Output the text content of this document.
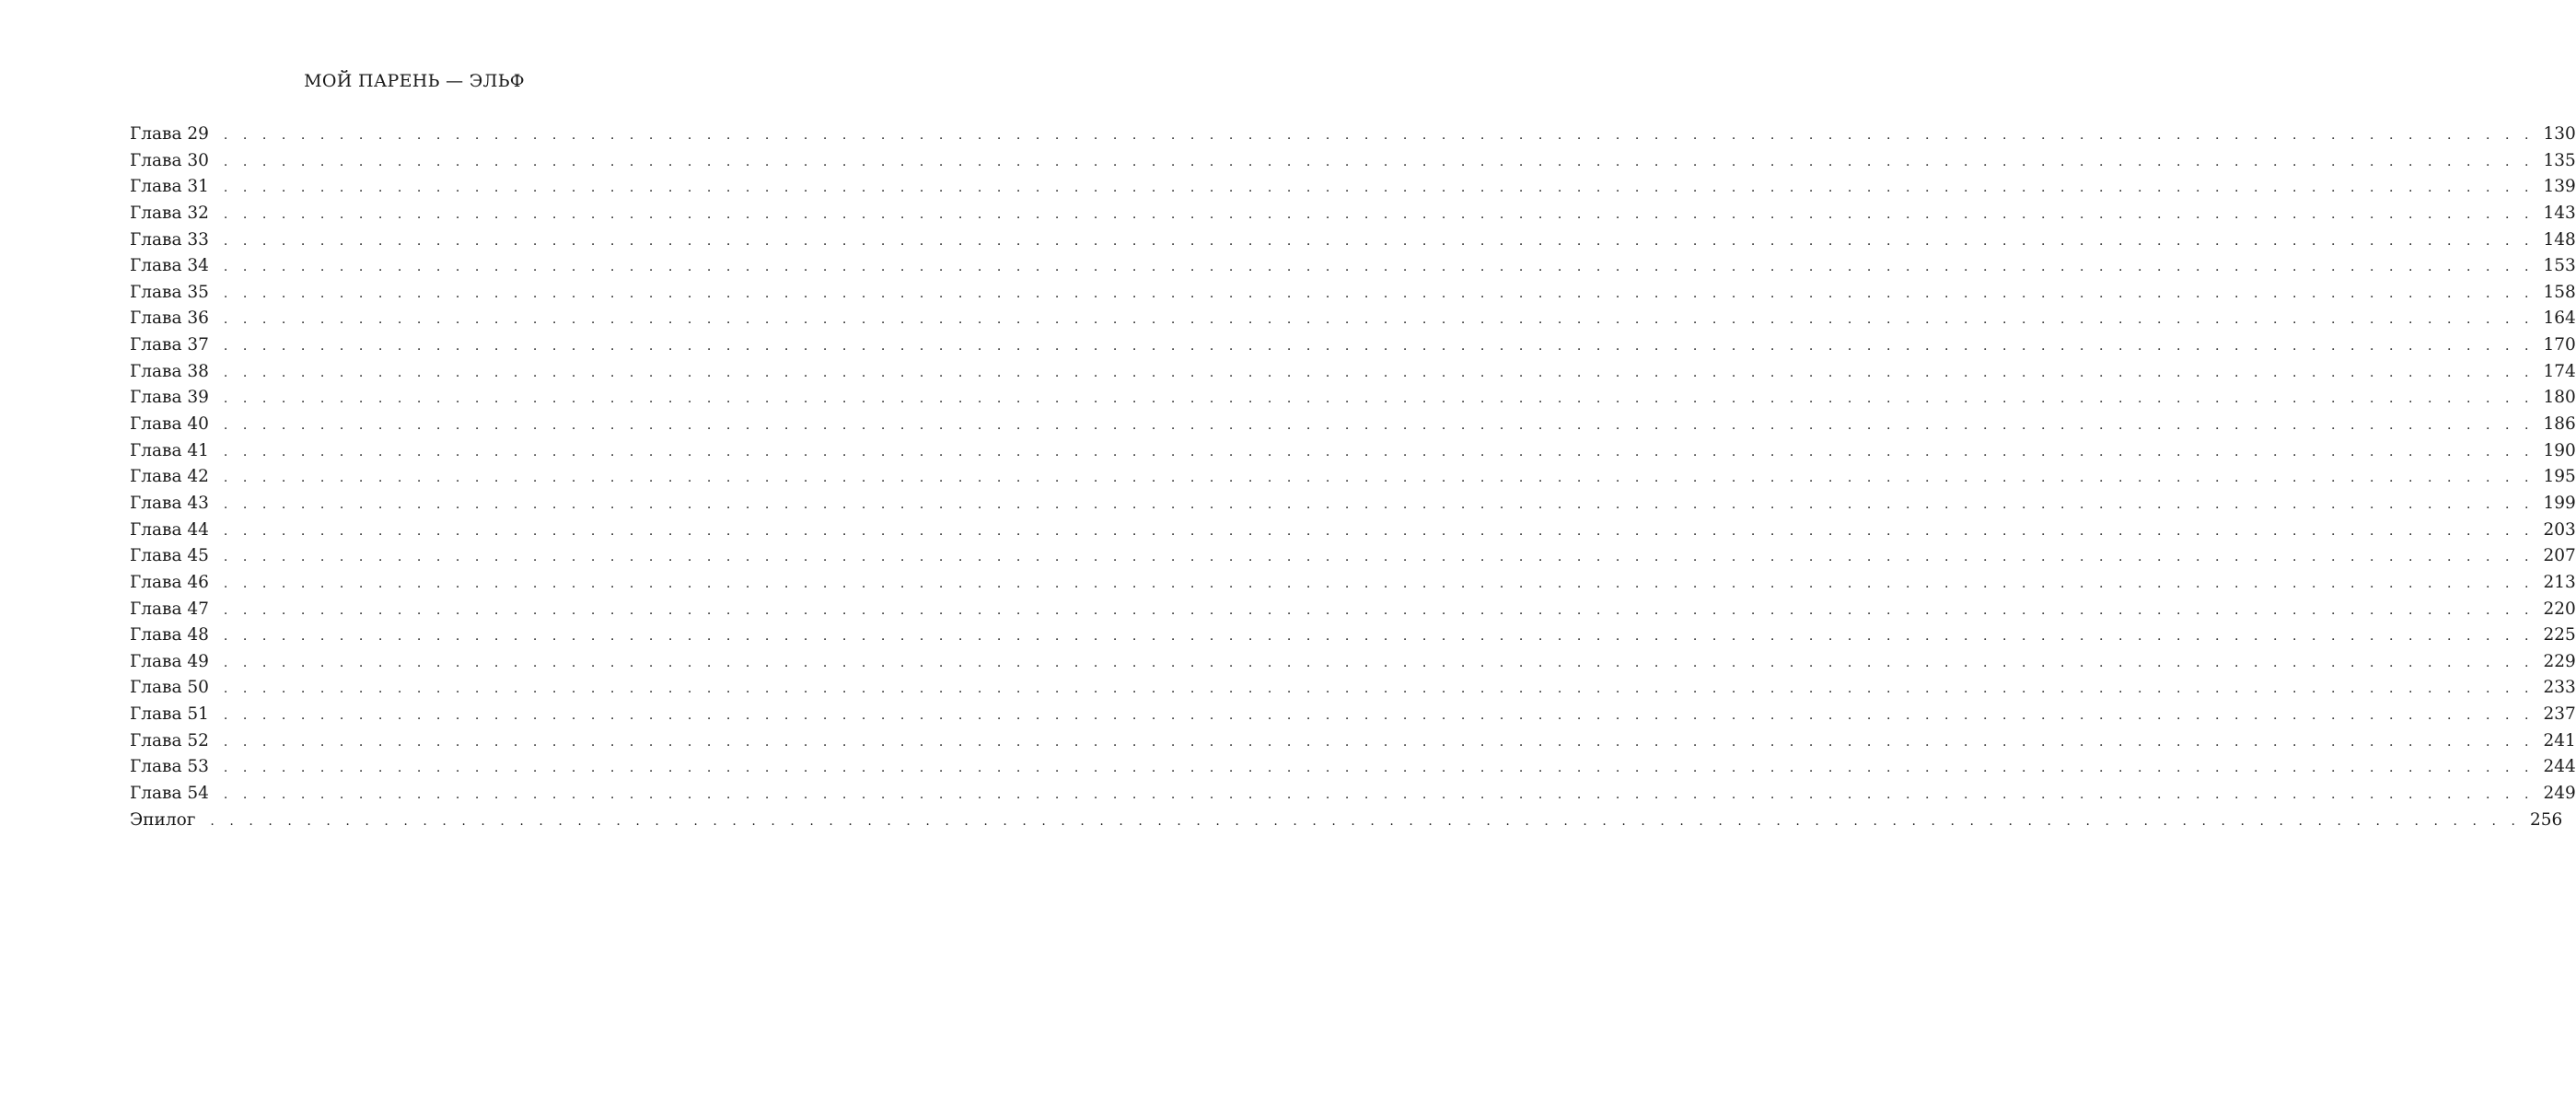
МОЙ ПАРЕНЬ — ЭЛЬФ
Глава 29 . . . . . . . . . . . . . . . . . . . . . . . . . . . . . . . . . . . . . . . . . . . . . . . . . . . . . . . . . . . . . . . . . . . . . . . . . . . . . . . . . . . . . . . . . . . . . . . . . . . . . . . . . . . . . . . . . . . . . . . . 130
Глава 30 . . . . . . . . . . . . . . . . . . . . . . . . . . . . . . . . . . . . . . . . . . . . . . . . . . . . . . . . . . . . . . . . . . . . . . . . . . . . . . . . . . . . . . . . . . . . . . . . . . . . . . . . . . . . . . . . . . . . . . . . 135
Глава 31 . . . . . . . . . . . . . . . . . . . . . . . . . . . . . . . . . . . . . . . . . . . . . . . . . . . . . . . . . . . . . . . . . . . . . . . . . . . . . . . . . . . . . . . . . . . . . . . . . . . . . . . . . . . . . . . . . . . . . . . . 139
Глава 32 . . . . . . . . . . . . . . . . . . . . . . . . . . . . . . . . . . . . . . . . . . . . . . . . . . . . . . . . . . . . . . . . . . . . . . . . . . . . . . . . . . . . . . . . . . . . . . . . . . . . . . . . . . . . . . . . . . . . . . . . 143
Глава 33 . . . . . . . . . . . . . . . . . . . . . . . . . . . . . . . . . . . . . . . . . . . . . . . . . . . . . . . . . . . . . . . . . . . . . . . . . . . . . . . . . . . . . . . . . . . . . . . . . . . . . . . . . . . . . . . . . . . . . . . . 148
Глава 34 . . . . . . . . . . . . . . . . . . . . . . . . . . . . . . . . . . . . . . . . . . . . . . . . . . . . . . . . . . . . . . . . . . . . . . . . . . . . . . . . . . . . . . . . . . . . . . . . . . . . . . . . . . . . . . . . . . . . . . . . 153
Глава 35 . . . . . . . . . . . . . . . . . . . . . . . . . . . . . . . . . . . . . . . . . . . . . . . . . . . . . . . . . . . . . . . . . . . . . . . . . . . . . . . . . . . . . . . . . . . . . . . . . . . . . . . . . . . . . . . . . . . . . . . . 158
Глава 36 . . . . . . . . . . . . . . . . . . . . . . . . . . . . . . . . . . . . . . . . . . . . . . . . . . . . . . . . . . . . . . . . . . . . . . . . . . . . . . . . . . . . . . . . . . . . . . . . . . . . . . . . . . . . . . . . . . . . . . . . 164
Глава 37 . . . . . . . . . . . . . . . . . . . . . . . . . . . . . . . . . . . . . . . . . . . . . . . . . . . . . . . . . . . . . . . . . . . . . . . . . . . . . . . . . . . . . . . . . . . . . . . . . . . . . . . . . . . . . . . . . . . . . . . . 170
Глава 38 . . . . . . . . . . . . . . . . . . . . . . . . . . . . . . . . . . . . . . . . . . . . . . . . . . . . . . . . . . . . . . . . . . . . . . . . . . . . . . . . . . . . . . . . . . . . . . . . . . . . . . . . . . . . . . . . . . . . . . . . 174
Глава 39 . . . . . . . . . . . . . . . . . . . . . . . . . . . . . . . . . . . . . . . . . . . . . . . . . . . . . . . . . . . . . . . . . . . . . . . . . . . . . . . . . . . . . . . . . . . . . . . . . . . . . . . . . . . . . . . . . . . . . . . . 180
Глава 40 . . . . . . . . . . . . . . . . . . . . . . . . . . . . . . . . . . . . . . . . . . . . . . . . . . . . . . . . . . . . . . . . . . . . . . . . . . . . . . . . . . . . . . . . . . . . . . . . . . . . . . . . . . . . . . . . . . . . . . . . 186
Глава 41 . . . . . . . . . . . . . . . . . . . . . . . . . . . . . . . . . . . . . . . . . . . . . . . . . . . . . . . . . . . . . . . . . . . . . . . . . . . . . . . . . . . . . . . . . . . . . . . . . . . . . . . . . . . . . . . . . . . . . . . . 190
Глава 42 . . . . . . . . . . . . . . . . . . . . . . . . . . . . . . . . . . . . . . . . . . . . . . . . . . . . . . . . . . . . . . . . . . . . . . . . . . . . . . . . . . . . . . . . . . . . . . . . . . . . . . . . . . . . . . . . . . . . . . . . 195
Глава 43 . . . . . . . . . . . . . . . . . . . . . . . . . . . . . . . . . . . . . . . . . . . . . . . . . . . . . . . . . . . . . . . . . . . . . . . . . . . . . . . . . . . . . . . . . . . . . . . . . . . . . . . . . . . . . . . . . . . . . . . . 199
Глава 44 . . . . . . . . . . . . . . . . . . . . . . . . . . . . . . . . . . . . . . . . . . . . . . . . . . . . . . . . . . . . . . . . . . . . . . . . . . . . . . . . . . . . . . . . . . . . . . . . . . . . . . . . . . . . . . . . . . . . . . . . 203
Глава 45 . . . . . . . . . . . . . . . . . . . . . . . . . . . . . . . . . . . . . . . . . . . . . . . . . . . . . . . . . . . . . . . . . . . . . . . . . . . . . . . . . . . . . . . . . . . . . . . . . . . . . . . . . . . . . . . . . . . . . . . . 207
Глава 46 . . . . . . . . . . . . . . . . . . . . . . . . . . . . . . . . . . . . . . . . . . . . . . . . . . . . . . . . . . . . . . . . . . . . . . . . . . . . . . . . . . . . . . . . . . . . . . . . . . . . . . . . . . . . . . . . . . . . . . . . 213
Глава 47 . . . . . . . . . . . . . . . . . . . . . . . . . . . . . . . . . . . . . . . . . . . . . . . . . . . . . . . . . . . . . . . . . . . . . . . . . . . . . . . . . . . . . . . . . . . . . . . . . . . . . . . . . . . . . . . . . . . . . . . . 220
Глава 48 . . . . . . . . . . . . . . . . . . . . . . . . . . . . . . . . . . . . . . . . . . . . . . . . . . . . . . . . . . . . . . . . . . . . . . . . . . . . . . . . . . . . . . . . . . . . . . . . . . . . . . . . . . . . . . . . . . . . . . . . 225
Глава 49 . . . . . . . . . . . . . . . . . . . . . . . . . . . . . . . . . . . . . . . . . . . . . . . . . . . . . . . . . . . . . . . . . . . . . . . . . . . . . . . . . . . . . . . . . . . . . . . . . . . . . . . . . . . . . . . . . . . . . . . . 229
Глава 50 . . . . . . . . . . . . . . . . . . . . . . . . . . . . . . . . . . . . . . . . . . . . . . . . . . . . . . . . . . . . . . . . . . . . . . . . . . . . . . . . . . . . . . . . . . . . . . . . . . . . . . . . . . . . . . . . . . . . . . . . 233
Глава 51 . . . . . . . . . . . . . . . . . . . . . . . . . . . . . . . . . . . . . . . . . . . . . . . . . . . . . . . . . . . . . . . . . . . . . . . . . . . . . . . . . . . . . . . . . . . . . . . . . . . . . . . . . . . . . . . . . . . . . . . . 237
Глава 52 . . . . . . . . . . . . . . . . . . . . . . . . . . . . . . . . . . . . . . . . . . . . . . . . . . . . . . . . . . . . . . . . . . . . . . . . . . . . . . . . . . . . . . . . . . . . . . . . . . . . . . . . . . . . . . . . . . . . . . . . 241
Глава 53 . . . . . . . . . . . . . . . . . . . . . . . . . . . . . . . . . . . . . . . . . . . . . . . . . . . . . . . . . . . . . . . . . . . . . . . . . . . . . . . . . . . . . . . . . . . . . . . . . . . . . . . . . . . . . . . . . . . . . . . . 244
Глава 54 . . . . . . . . . . . . . . . . . . . . . . . . . . . . . . . . . . . . . . . . . . . . . . . . . . . . . . . . . . . . . . . . . . . . . . . . . . . . . . . . . . . . . . . . . . . . . . . . . . . . . . . . . . . . . . . . . . . . . . . . 249
Эпилог . . . . . . . . . . . . . . . . . . . . . . . . . . . . . . . . . . . . . . . . . . . . . . . . . . . . . . . . . . . . . . . . . . . . . . . . . . . . . . . . . . . . . . . . . . . . . . . . . . . . . . . . . . . . . . . . . . . . . . . . 256
